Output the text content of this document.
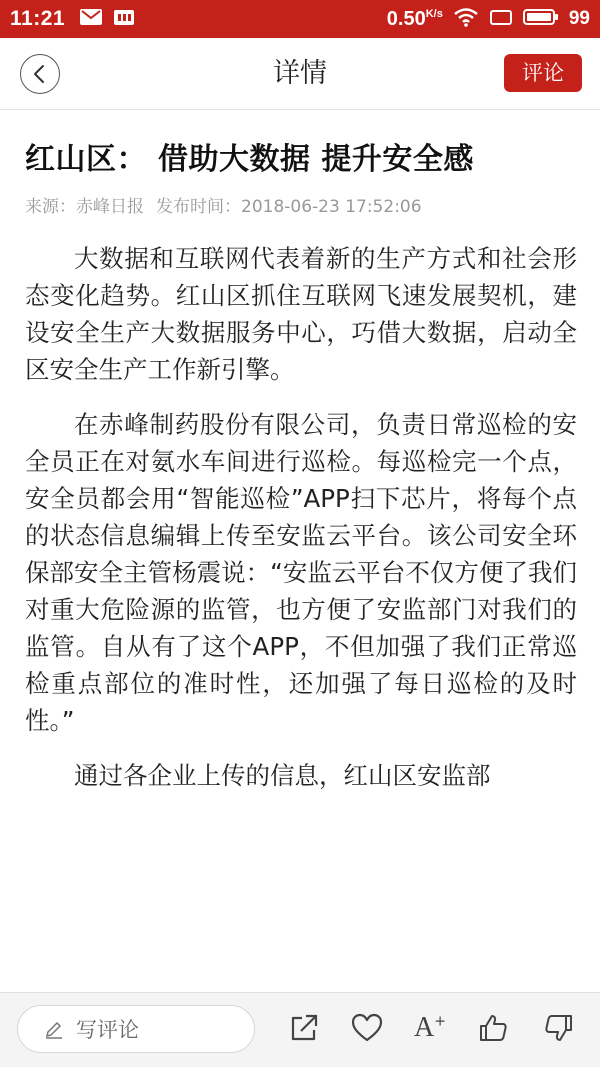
11:21	$0.50^{K/s}$	99
详情	评论
红山区： 借助大数据 提升安全感
来源：赤峰日报 发布时间：2018-06-23 17:52:06

大数据和互联网代表着新的生产方式和社会形态变化趋势。红山区抓住互联网飞速发展契机，建设安全生产大数据服务中心，巧借大数据，启动全区安全生产工作新引擎。

在赤峰制药股份有限公司，负责日常巡检的安全员正在对氨水车间进行巡检。每巡检完一个点，安全员都会用“智能巡检”APP扫下芯片，将每个点的状态信息编辑上传至安监云平台。该公司安全环保部安全主管杨震说：“安监云平台不仅方便了我们对重大危险源的监管，也方便了安监部门对我们的监管。自从有了这个APP，不但加强了我们正常巡检重点部位的准时性，还加强了每日巡检的及时性。”

通过各企业上传的信息，红山区安监部

写评论	A+
